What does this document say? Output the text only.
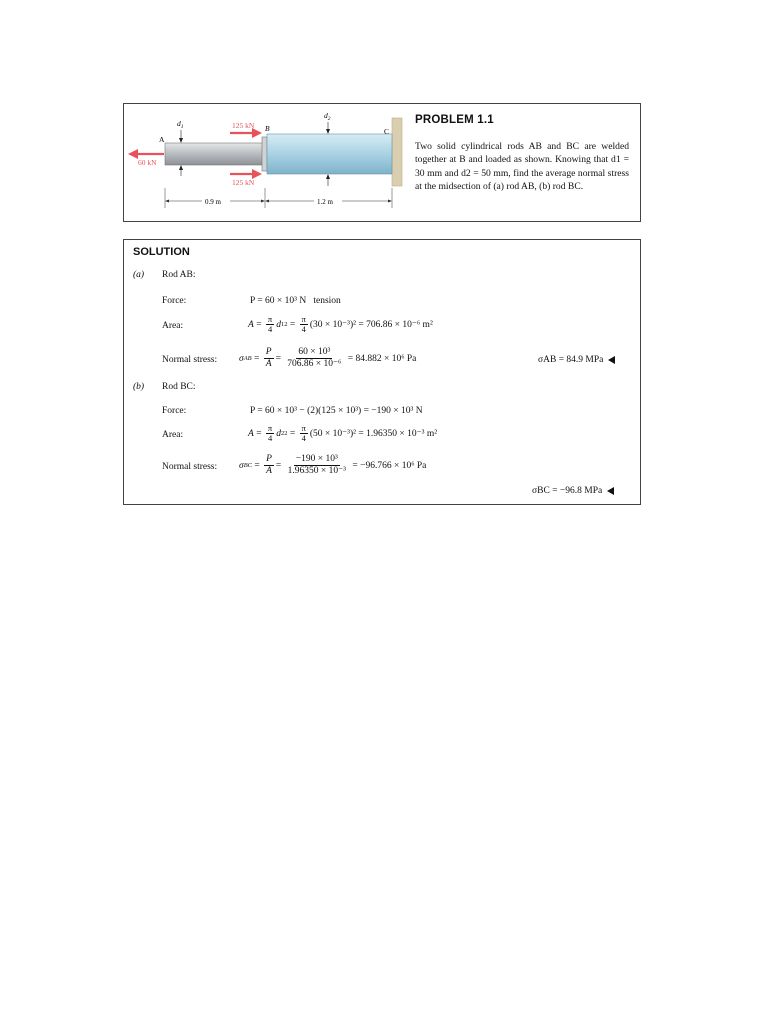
60 kN
125 kN
125 kN
A
B	C
$d_1$
$d_2$
0.9 m	1.2 m
PROBLEM 1.1
Two solid cylindrical rods AB and BC are welded together at B and loaded as shown. Knowing that d1 = 30 mm and d2 = 50 mm, find the average normal stress at the midsection of (a) rod AB, (b) rod BC.
SOLUTION
(a) Rod AB:
Force:	P = 60 × 10³ N tension
Area:	$A = \frac{\pi}{4}$ d 1 $2 = \frac{\pi}{4} (30 \times 10^{-3})^2 = 706.86 \times 10^{-6}$ m²
Normal stress: σ AB = $\frac{P}{A} = \frac{\text{60 × 10³}}{\text{706.86 × 10⁻⁶}}$
= 84.882 × 10⁶ Pa	σAB = 84.9 MPa
(b) Rod BC:
Force:	P = 60 × 10³ − (2)(125 × 10³) = −190 × 10³ N
Area:	$A = \frac{\pi}{4}$ d 2 $2 = \frac{\pi}{4} (50 \times 10^{-3})^2 = 1.96350 \times 10^{-3}$ m²
Normal stress: σ BC = $\frac{P}{A} = \frac{\text{−190 × 10³}}{\text{1.96350 × 10⁻³}}$
= −96.766 × 10⁶ Pa
σBC = −96.8 MPa
